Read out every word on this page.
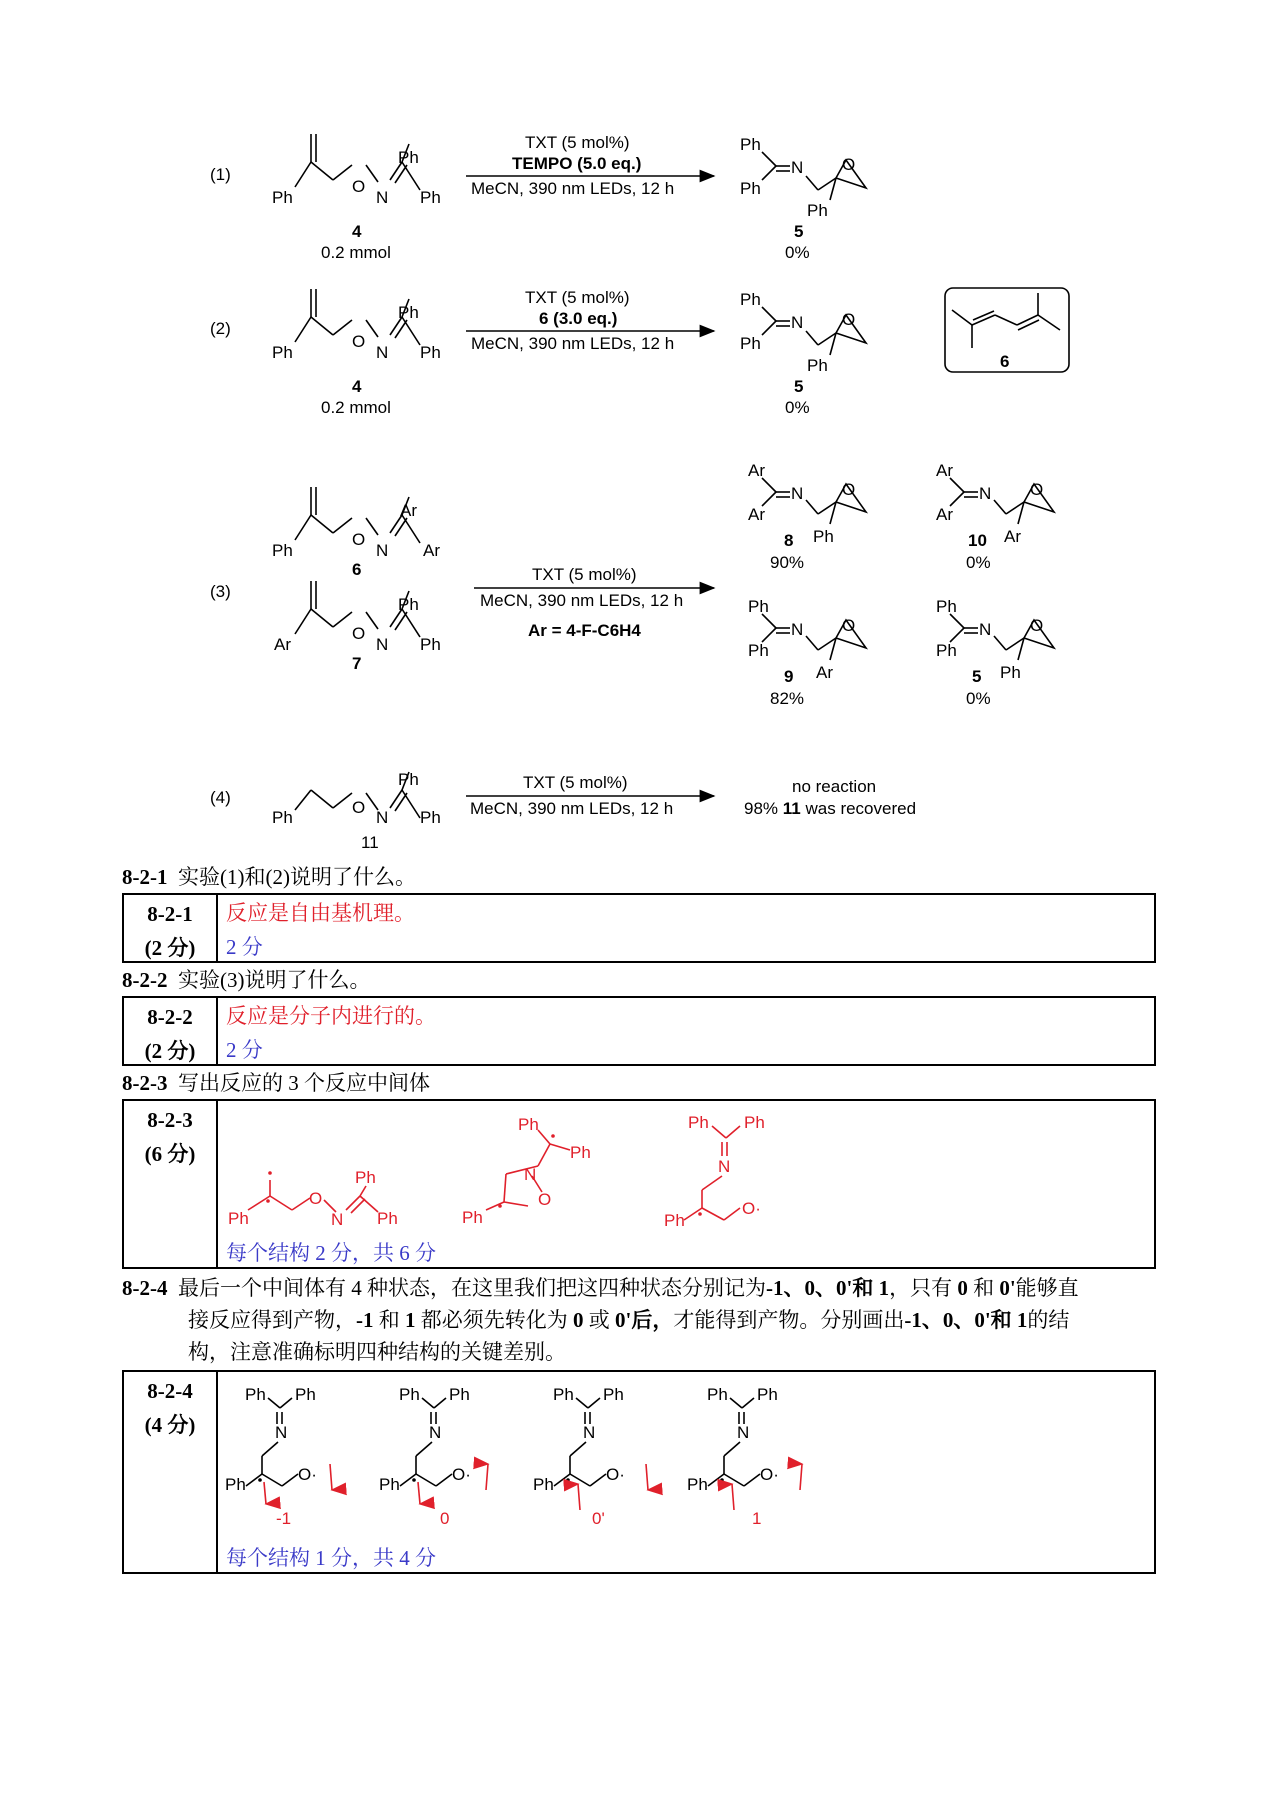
(1)
Ph
O
N
Ph
Ph
4
0.2 mmol
TXT (5 mol%)
TEMPO (5.0 eq.)
MeCN, 390 nm LEDs, 12 h
Ph
Ph
N O
Ph
5
0%
(2)
Ph
O
N
Ph
Ph
4
0.2 mmol
TXT (5 mol%)
6 (3.0 eq.)
MeCN, 390 nm LEDs, 12 h
Ph
Ph
N O
Ph
5
0%
6
(3)
Ph
O
N
Ar
Ar
6
Ar
O
N
Ph
Ph
7
TXT (5 mol%)
MeCN, 390 nm LEDs, 12 h
Ar = 4-F-C6H4
Ar
Ar
N O
Ph
8
90%
Ar
Ar
N O
Ar
10
0%
Ph
Ph
N O
Ar
9
82%
Ph
Ph
N O
Ph
5
0%
(4)
Ph
O
N
Ph
Ph
11
TXT (5 mol%)
MeCN, 390 nm LEDs, 12 h
no reaction
98% 11 was recovered
Ph
O
N
Ph
Ph
Ph
Ph
N
O
Ph
Ph Ph
N
O·
Ph
Ph Ph
N
O·
Ph
-1
Ph Ph
N
O·
Ph
0
Ph Ph
N
O·
Ph
0'
Ph Ph
N
O·
Ph
1
8-2-1 实验(1)和(2)说明了什么。
8-2-1
(2 分)
反应是自由基机理。
2 分
8-2-2 实验(3)说明了什么。
8-2-2
(2 分)
反应是分子内进行的。
2 分
8-2-3 写出反应的 3 个反应中间体
8-2-3
(6 分)
每个结构 2 分，共 6 分
8-2-4 最后一个中间体有 4 种状态，在这里我们把这四种状态分别记为-1、0、0'和 1，只有 0 和 0'能够直
接反应得到产物，-1 和 1 都必须先转化为 0 或 0'后，才能得到产物。分别画出-1、0、0'和 1的结
构，注意准确标明四种结构的关键差别。
8-2-4
(4 分)
每个结构 1 分，共 4 分
